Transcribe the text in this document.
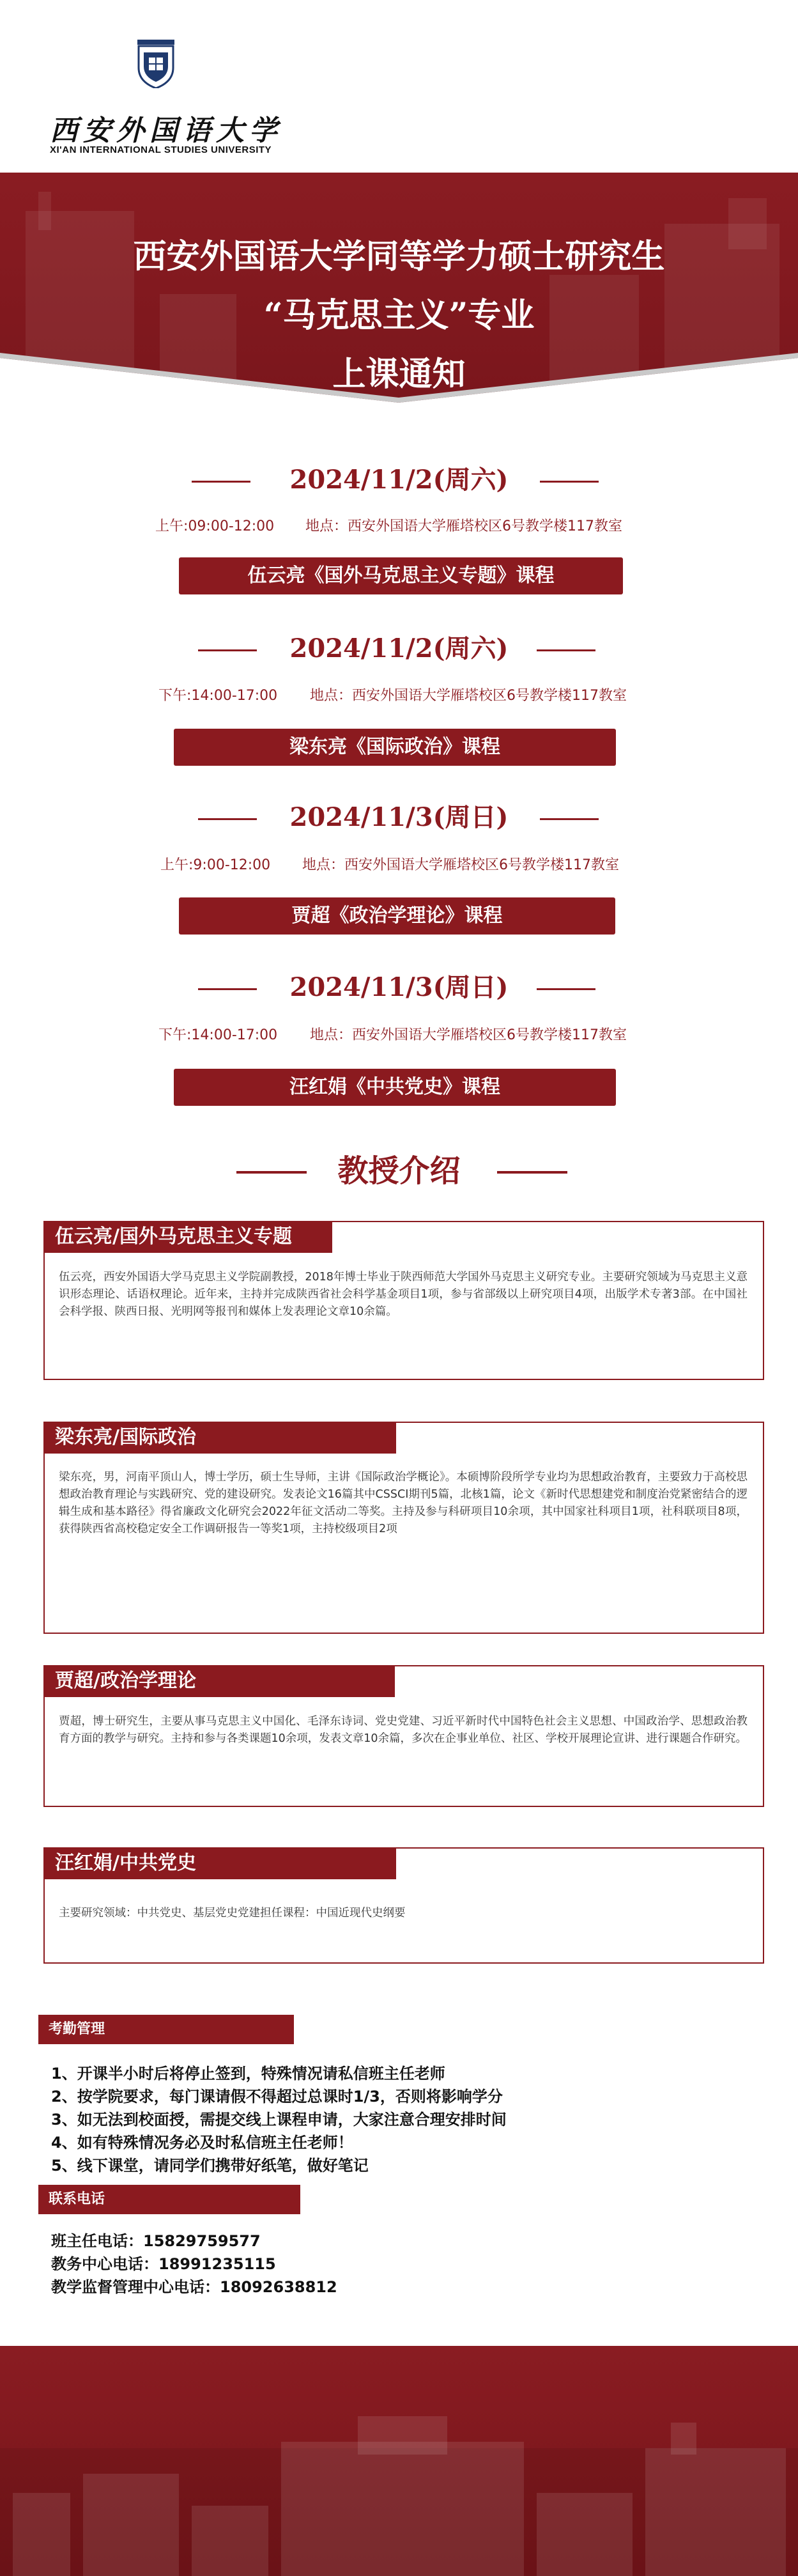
西安外国语大学
XI'AN INTERNATIONAL STUDIES UNIVERSITY
西安外国语大学同等学力硕士研究生
“马克思主义”专业
上课通知
2024/11/2(周六)
上午:09:00-12:00 地点：西安外国语大学雁塔校区6号教学楼117教室
伍云亮《国外马克思主义专题》课程
2024/11/2(周六)
下午:14:00-17:00 地点：西安外国语大学雁塔校区6号教学楼117教室
梁东亮《国际政治》课程
2024/11/3(周日)
上午:9:00-12:00 地点：西安外国语大学雁塔校区6号教学楼117教室
贾超《政治学理论》课程
2024/11/3(周日)
下午:14:00-17:00 地点：西安外国语大学雁塔校区6号教学楼117教室
汪红娟《中共党史》课程
教授介绍
伍云亮/国外马克思主义专题
伍云亮，西安外国语大学马克思主义学院副教授，2018年博士毕业于陕西师范大学国外马克思主义研究专业。主要研究领域为马克思主义意识形态理论、话语权理论。近年来，主持并完成陕西省社会科学基金项目1项，参与省部级以上研究项目4项，出版学术专著3部。在中国社会科学报、陕西日报、光明网等报刊和媒体上发表理论文章10余篇。
梁东亮/国际政治
梁东亮，男，河南平顶山人，博士学历，硕士生导师，主讲《国际政治学概论》。本硕博阶段所学专业均为思想政治教育，主要致力于高校思想政治教育理论与实践研究、党的建设研究。发表论文16篇其中CSSCI期刊5篇，北核1篇，论文《新时代思想建党和制度治党紧密结合的逻辑生成和基本路径》得省廉政文化研究会2022年征文活动二等奖。主持及参与科研项目10余项，其中国家社科项目1项，社科联项目8项，获得陕西省高校稳定安全工作调研报告一等奖1项，主持校级项目2项
贾超/政治学理论
贾超，博士研究生，主要从事马克思主义中国化、毛泽东诗词、党史党建、习近平新时代中国特色社会主义思想、中国政治学、思想政治教育方面的教学与研究。主持和参与各类课题10余项，发表文章10余篇，多次在企事业单位、社区、学校开展理论宣讲、进行课题合作研究。
汪红娟/中共党史
主要研究领域：中共党史、基层党史党建担任课程：中国近现代史纲要
考勤管理
1、开课半小时后将停止签到，特殊情况请私信班主任老师
2、按学院要求，每门课请假不得超过总课时1/3，否则将影响学分
3、如无法到校面授，需提交线上课程申请，大家注意合理安排时间
4、如有特殊情况务必及时私信班主任老师！
5、线下课堂，请同学们携带好纸笔，做好笔记
联系电话
班主任电话：15829759577
教务中心电话：18991235115
教学监督管理中心电话：18092638812
